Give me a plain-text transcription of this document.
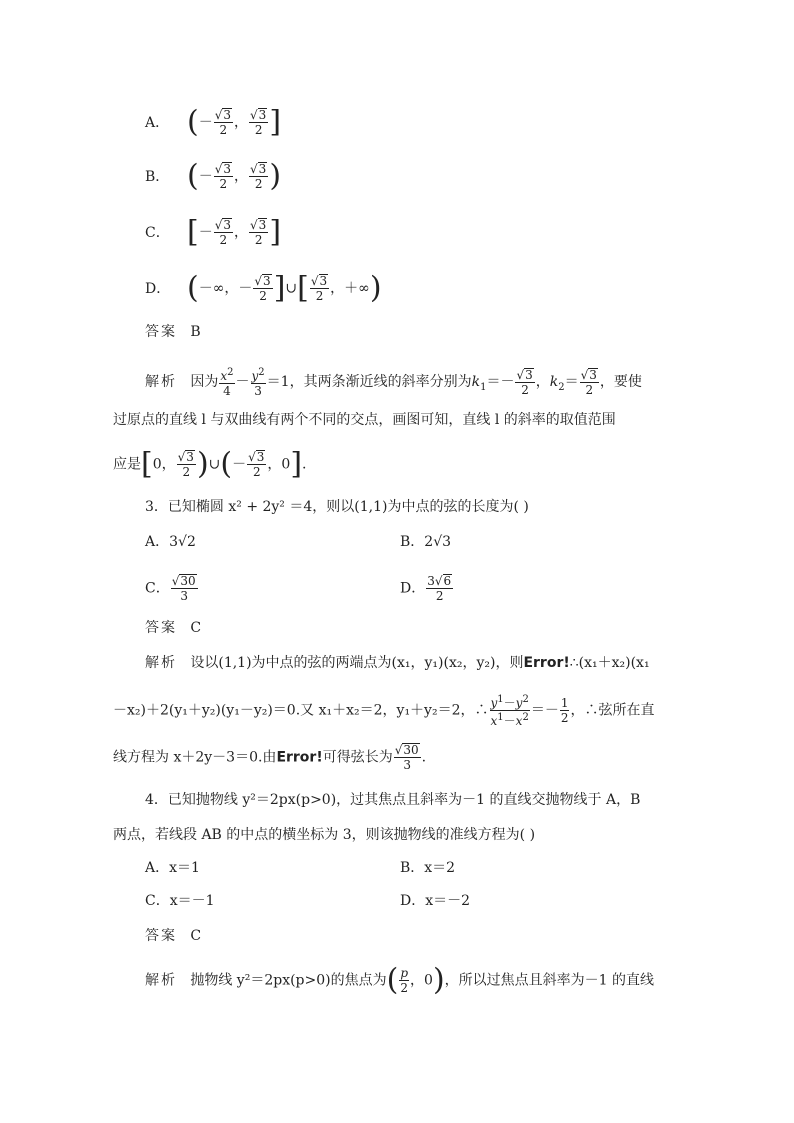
A． (－ $\frac{√3}{2}$ ， $\frac{√3}{2}$ ]
B． (－ $\frac{√3}{2}$ ， $\frac{√3}{2}$ )
C． [－ $\frac{√3}{2}$ ， $\frac{√3}{2}$ ]
D． (－∞，－ $\frac{√3}{2}$ ]∪[ $\frac{√3}{2}$ ，＋∞)
答案 B
解析 因为 $\frac{x^2}{4} - \frac{y^2}{3} =1$，其两条渐近线的斜率分别为$k_1=- \frac{√3}{2}$ ，$k_2= \frac{√3}{2}$ ，要使
过原点的直线 l 与双曲线有两个不同的交点，画图可知，直线 l 的斜率的取值范围
应是[0， $\frac{√3}{2}$ )∪(－ $\frac{√3}{2}$ ，0].
3．已知椭圆 x² + 2y² ＝4，则以(1,1)为中点的弦的长度为( )
A．3√2	B．2√3
C． $\frac{√30}{3}$	D． $\frac{3√6}{2}$
答案 C
解析 设以(1,1)为中点的弦的两端点为(x₁，y₁)(x₂，y₂)，则Error!∴(x₁＋x₂)(x₁
－x₂)＋2(y₁＋y₂)(y₁－y₂)＝0.又 x₁＋x₂＝2，y₁＋y₂＝2，∴ $\frac{y^1-y^2}{x^1-x^2} =- \frac{1}{2}$ ，∴弦所在直
线方程为 x＋2y－3＝0.由Error!可得弦长为 $\frac{√30}{3}$ .
4．已知抛物线 y²＝2px(p>0)，过其焦点且斜率为－1 的直线交抛物线于 A，B
两点，若线段 AB 的中点的横坐标为 3，则该抛物线的准线方程为( )
A．x＝1	B．x＝2
C．x＝－1	D．x＝－2
答案 C
解析 抛物线 y²＝2px(p>0)的焦点为( $\frac{p}{2}$ ，0)，所以过焦点且斜率为－1 的直线
